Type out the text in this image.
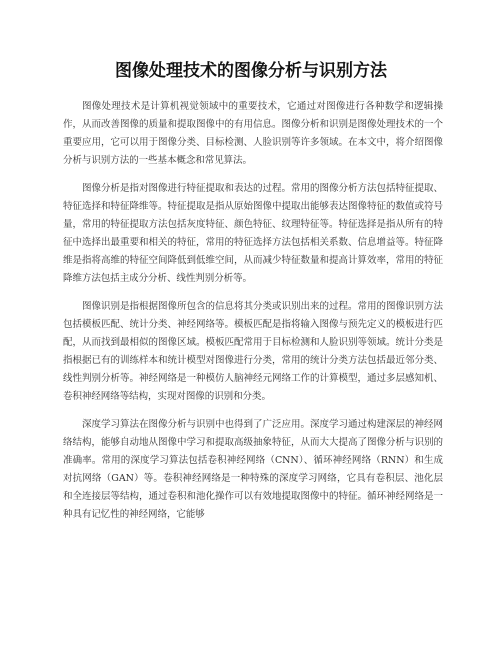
图像处理技术的图像分析与识别方法

图像处理技术是计算机视觉领域中的重要技术，它通过对图像进行各种数学和逻辑操作，从而改善图像的质量和提取图像中的有用信息。图像分析和识别是图像处理技术的一个重要应用，它可以用于图像分类、目标检测、人脸识别等许多领域。在本文中，将介绍图像分析与识别方法的一些基本概念和常见算法。

图像分析是指对图像进行特征提取和表达的过程。常用的图像分析方法包括特征提取、特征选择和特征降维等。特征提取是指从原始图像中提取出能够表达图像特征的数值或符号量，常用的特征提取方法包括灰度特征、颜色特征、纹理特征等。特征选择是指从所有的特征中选择出最重要和相关的特征，常用的特征选择方法包括相关系数、信息增益等。特征降维是指将高维的特征空间降低到低维空间，从而减少特征数量和提高计算效率，常用的特征降维方法包括主成分分析、线性判别分析等。

图像识别是指根据图像所包含的信息将其分类或识别出来的过程。常用的图像识别方法包括模板匹配、统计分类、神经网络等。模板匹配是指将输入图像与预先定义的模板进行匹配，从而找到最相似的图像区域。模板匹配常用于目标检测和人脸识别等领域。统计分类是指根据已有的训练样本和统计模型对图像进行分类，常用的统计分类方法包括最近邻分类、线性判别分析等。神经网络是一种模仿人脑神经元网络工作的计算模型，通过多层感知机、卷积神经网络等结构，实现对图像的识别和分类。

深度学习算法在图像分析与识别中也得到了广泛应用。深度学习通过构建深层的神经网络结构，能够自动地从图像中学习和提取高级抽象特征，从而大大提高了图像分析与识别的准确率。常用的深度学习算法包括卷积神经网络（CNN）、循环神经网络（RNN）和生成对抗网络（GAN）等。卷积神经网络是一种特殊的深度学习网络，它具有卷积层、池化层和全连接层等结构，通过卷积和池化操作可以有效地提取图像中的特征。循环神经网络是一种具有记忆性的神经网络，它能够
